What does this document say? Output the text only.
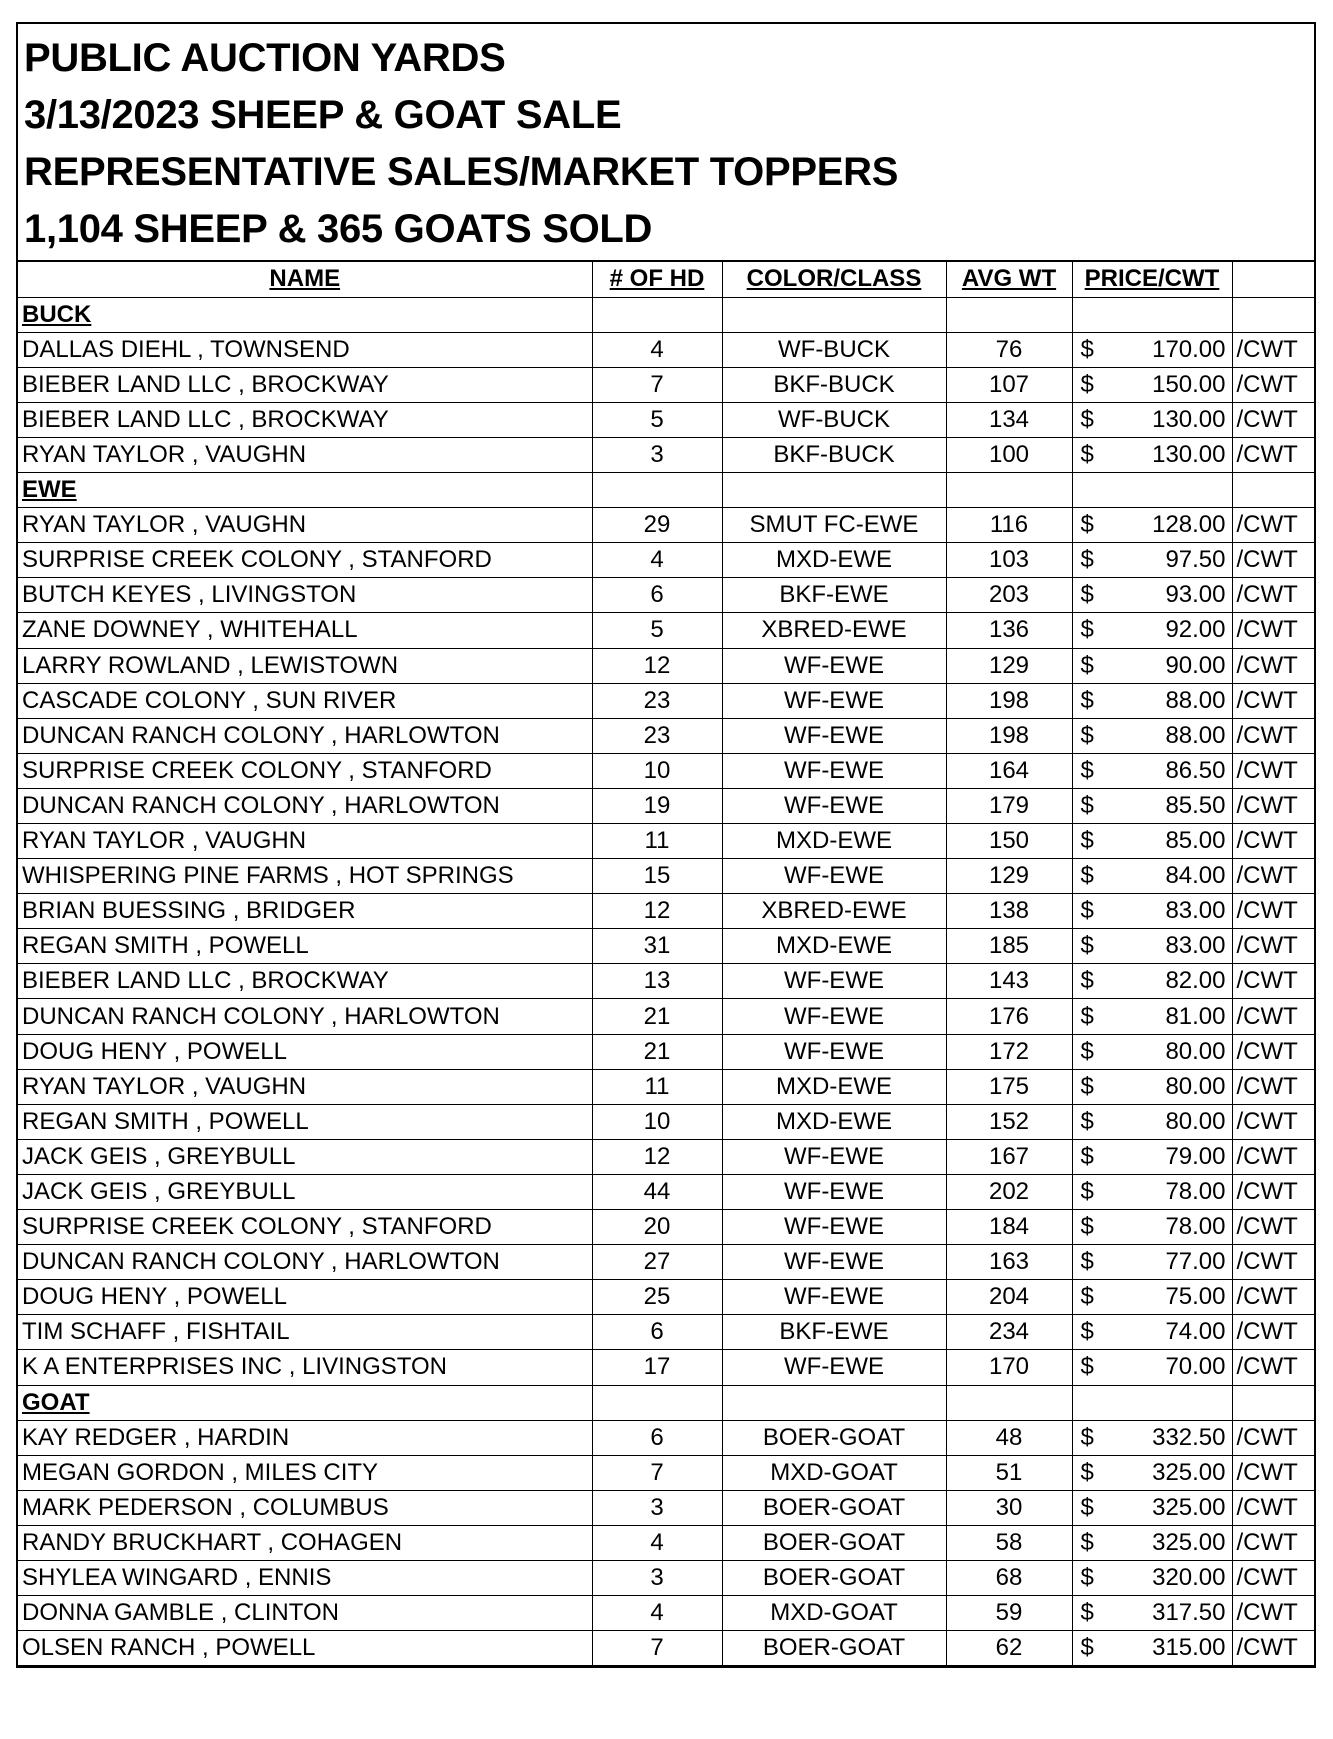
PUBLIC AUCTION YARDS
3/13/2023 SHEEP & GOAT SALE
REPRESENTATIVE SALES/MARKET TOPPERS
1,104 SHEEP & 365 GOATS SOLD
NAME	# OF HD	COLOR/CLASS	AVG WT	PRICE/CWT	
BUCK					
DALLAS DIEHL , TOWNSEND	4	WF-BUCK	76	$ 170.00	/CWT
BIEBER LAND LLC , BROCKWAY	7	BKF-BUCK	107	$ 150.00	/CWT
BIEBER LAND LLC , BROCKWAY	5	WF-BUCK	134	$ 130.00	/CWT
RYAN TAYLOR , VAUGHN	3	BKF-BUCK	100	$ 130.00	/CWT
EWE					
RYAN TAYLOR , VAUGHN	29	SMUT FC-EWE	116	$ 128.00	/CWT
SURPRISE CREEK COLONY , STANFORD	4	MXD-EWE	103	$ 97.50	/CWT
BUTCH KEYES , LIVINGSTON	6	BKF-EWE	203	$ 93.00	/CWT
ZANE DOWNEY , WHITEHALL	5	XBRED-EWE	136	$ 92.00	/CWT
LARRY ROWLAND , LEWISTOWN	12	WF-EWE	129	$ 90.00	/CWT
CASCADE COLONY , SUN RIVER	23	WF-EWE	198	$ 88.00	/CWT
DUNCAN RANCH COLONY , HARLOWTON	23	WF-EWE	198	$ 88.00	/CWT
SURPRISE CREEK COLONY , STANFORD	10	WF-EWE	164	$ 86.50	/CWT
DUNCAN RANCH COLONY , HARLOWTON	19	WF-EWE	179	$ 85.50	/CWT
RYAN TAYLOR , VAUGHN	11	MXD-EWE	150	$ 85.00	/CWT
WHISPERING PINE FARMS , HOT SPRINGS	15	WF-EWE	129	$ 84.00	/CWT
BRIAN BUESSING , BRIDGER	12	XBRED-EWE	138	$ 83.00	/CWT
REGAN SMITH , POWELL	31	MXD-EWE	185	$ 83.00	/CWT
BIEBER LAND LLC , BROCKWAY	13	WF-EWE	143	$ 82.00	/CWT
DUNCAN RANCH COLONY , HARLOWTON	21	WF-EWE	176	$ 81.00	/CWT
DOUG HENY , POWELL	21	WF-EWE	172	$ 80.00	/CWT
RYAN TAYLOR , VAUGHN	11	MXD-EWE	175	$ 80.00	/CWT
REGAN SMITH , POWELL	10	MXD-EWE	152	$ 80.00	/CWT
JACK GEIS , GREYBULL	12	WF-EWE	167	$ 79.00	/CWT
JACK GEIS , GREYBULL	44	WF-EWE	202	$ 78.00	/CWT
SURPRISE CREEK COLONY , STANFORD	20	WF-EWE	184	$ 78.00	/CWT
DUNCAN RANCH COLONY , HARLOWTON	27	WF-EWE	163	$ 77.00	/CWT
DOUG HENY , POWELL	25	WF-EWE	204	$ 75.00	/CWT
TIM SCHAFF , FISHTAIL	6	BKF-EWE	234	$ 74.00	/CWT
K A ENTERPRISES INC , LIVINGSTON	17	WF-EWE	170	$ 70.00	/CWT
GOAT					
KAY REDGER , HARDIN	6	BOER-GOAT	48	$ 332.50	/CWT
MEGAN GORDON , MILES CITY	7	MXD-GOAT	51	$ 325.00	/CWT
MARK PEDERSON , COLUMBUS	3	BOER-GOAT	30	$ 325.00	/CWT
RANDY BRUCKHART , COHAGEN	4	BOER-GOAT	58	$ 325.00	/CWT
SHYLEA WINGARD , ENNIS	3	BOER-GOAT	68	$ 320.00	/CWT
DONNA GAMBLE , CLINTON	4	MXD-GOAT	59	$ 317.50	/CWT
OLSEN RANCH , POWELL	7	BOER-GOAT	62	$ 315.00	/CWT
